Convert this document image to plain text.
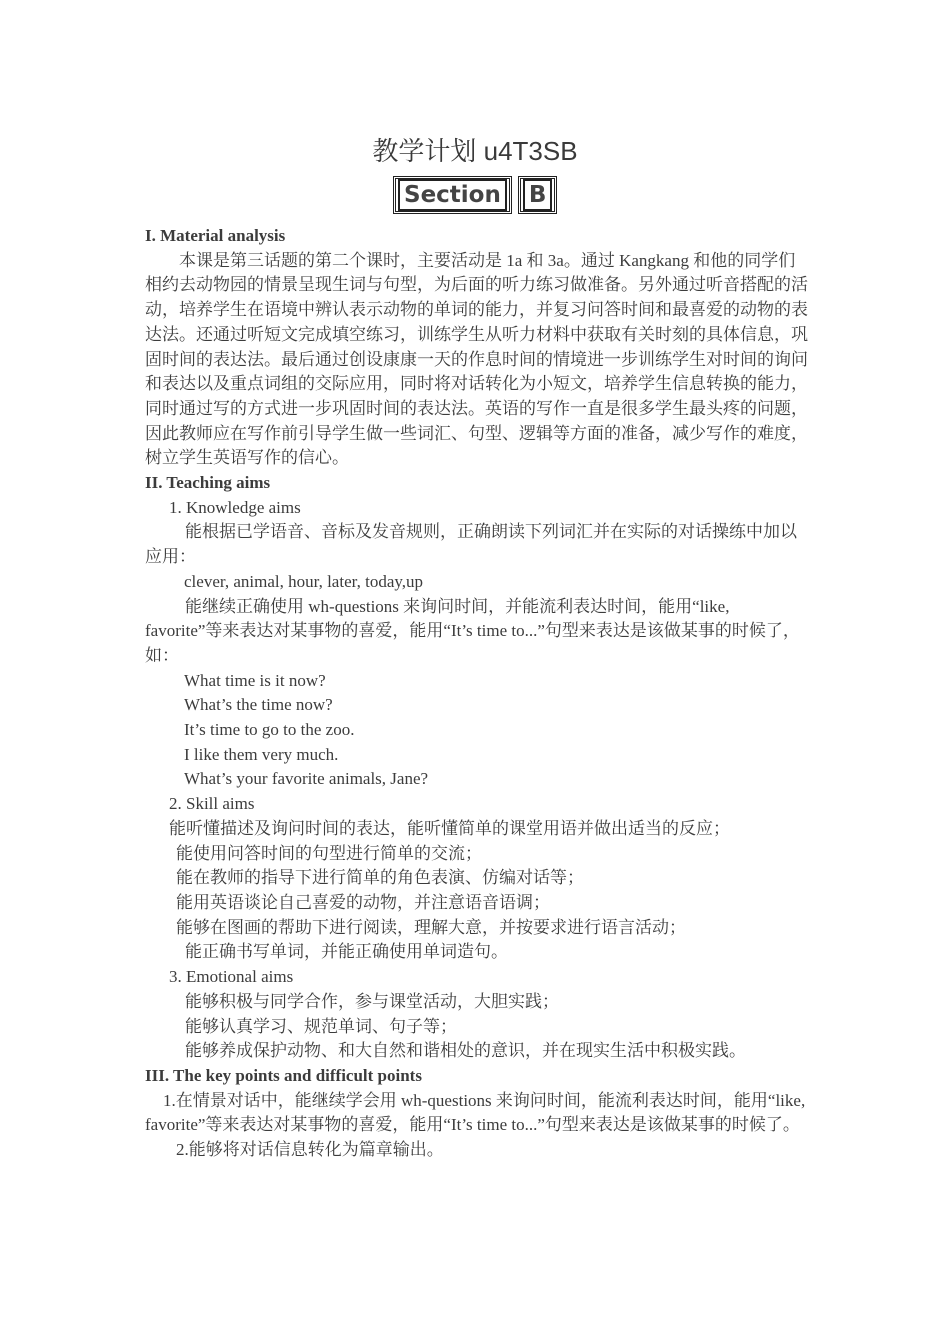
教学计划 u4T3SB
Section B

I. Material analysis

本课是第三话题的第二个课时，主要活动是 1a 和 3a。通过 Kangkang 和他的同学们相约去动物园的情景呈现生词与句型，为后面的听力练习做准备。另外通过听音搭配的活动，培养学生在语境中辨认表示动物的单词的能力，并复习问答时间和最喜爱的动物的表达法。还通过听短文完成填空练习，训练学生从听力材料中获取有关时刻的具体信息，巩固时间的表达法。最后通过创设康康一天的作息时间的情境进一步训练学生对时间的询问和表达以及重点词组的交际应用，同时将对话转化为小短文，培养学生信息转换的能力，同时通过写的方式进一步巩固时间的表达法。英语的写作一直是很多学生最头疼的问题，因此教师应在写作前引导学生做一些词汇、句型、逻辑等方面的准备，减少写作的难度，树立学生英语写作的信心。

II. Teaching aims

1. Knowledge aims

能根据已学语音、音标及发音规则，正确朗读下列词汇并在实际的对话操练中加以应用：

clever, animal, hour, later, today,up

能继续正确使用 wh-questions 来询问时间，并能流利表达时间，能用“like, favorite”等来表达对某事物的喜爱，能用“It’s time to...”句型来表达是该做某事的时候了，如：

What time is it now?

What’s the time now?

It’s time to go to the zoo.

I like them very much.

What’s your favorite animals, Jane?

2. Skill aims

能听懂描述及询问时间的表达，能听懂简单的课堂用语并做出适当的反应；

能使用问答时间的句型进行简单的交流；

能在教师的指导下进行简单的角色表演、仿编对话等；

能用英语谈论自己喜爱的动物，并注意语音语调；

能够在图画的帮助下进行阅读，理解大意，并按要求进行语言活动；

能正确书写单词，并能正确使用单词造句。

3. Emotional aims

能够积极与同学合作，参与课堂活动，大胆实践；

能够认真学习、规范单词、句子等；

能够养成保护动物、和大自然和谐相处的意识，并在现实生活中积极实践。

III. The key points and difficult points

1.在情景对话中，能继续学会用 wh-questions 来询问时间，能流利表达时间，能用“like, favorite”等来表达对某事物的喜爱，能用“It’s time to...”句型来表达是该做某事的时候了。

2.能够将对话信息转化为篇章输出。
